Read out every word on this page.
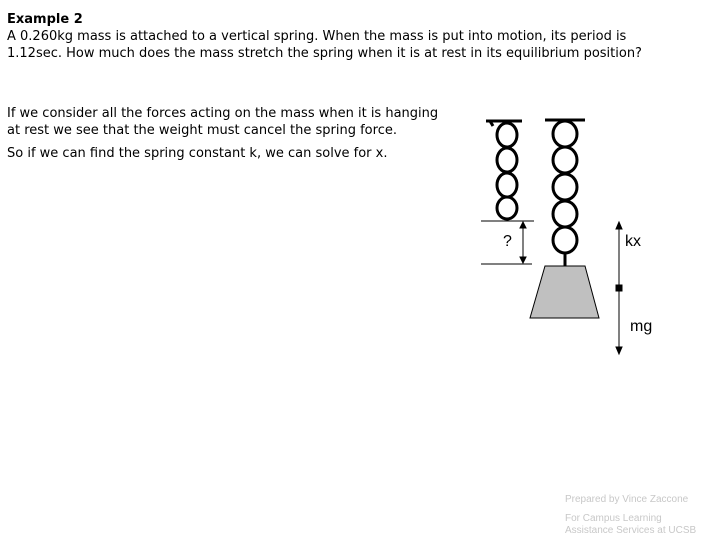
Example 2

A 0.260kg mass is attached to a vertical spring. When the mass is put into motion, its period is

1.12sec. How much does the mass stretch the spring when it is at rest in its equilibrium position?

If we consider all the forces acting on the mass when it is hanging
at rest we see that the weight must cancel the spring force.

So if we can find the spring constant k, we can solve for x.

?	kx
mg
Prepared by Vince Zaccone
For Campus Learning
Assistance Services at UCSB
